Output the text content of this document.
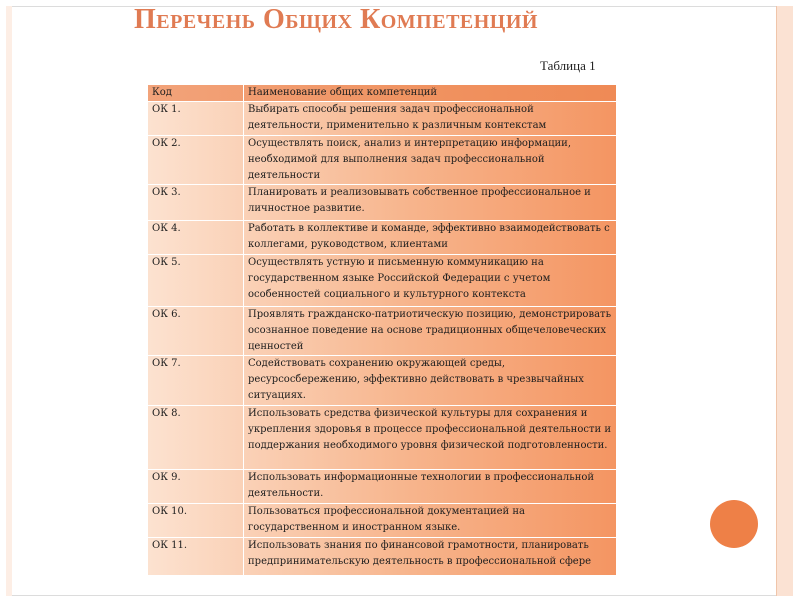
Перечень Общих Компетенций
Таблица 1
Код	Наименование общих компетенций
ОК 1.	Выбирать способы решения задач профессиональной деятельности, применительно к различным контекстам
ОК 2.	Осуществлять поиск, анализ и интерпретацию информации, необходимой для выполнения задач профессиональной деятельности
ОК 3.	Планировать и реализовывать собственное профессиональное и личностное развитие.
ОК 4.	Работать в коллективе и команде, эффективно взаимодействовать с коллегами, руководством, клиентами
ОК 5.	Осуществлять устную и письменную коммуникацию на государственном языке Российской Федерации с учетом особенностей социального и культурного контекста
ОК 6.	Проявлять гражданско-патриотическую позицию, демонстрировать осознанное поведение на основе традиционных общечеловеческих ценностей
ОК 7.	Содействовать сохранению окружающей среды, ресурсосбережению, эффективно действовать в чрезвычайных ситуациях.
ОК 8.	Использовать средства физической культуры для сохранения и укрепления здоровья в процессе профессиональной деятельности и поддержания необходимого уровня физической подготовленности.
ОК 9.	Использовать информационные технологии в профессиональной деятельности.
ОК 10.	Пользоваться профессиональной документацией на государственном и иностранном языке.
ОК 11.	Использовать знания по финансовой грамотности, планировать предпринимательскую деятельность в профессиональной сфере
